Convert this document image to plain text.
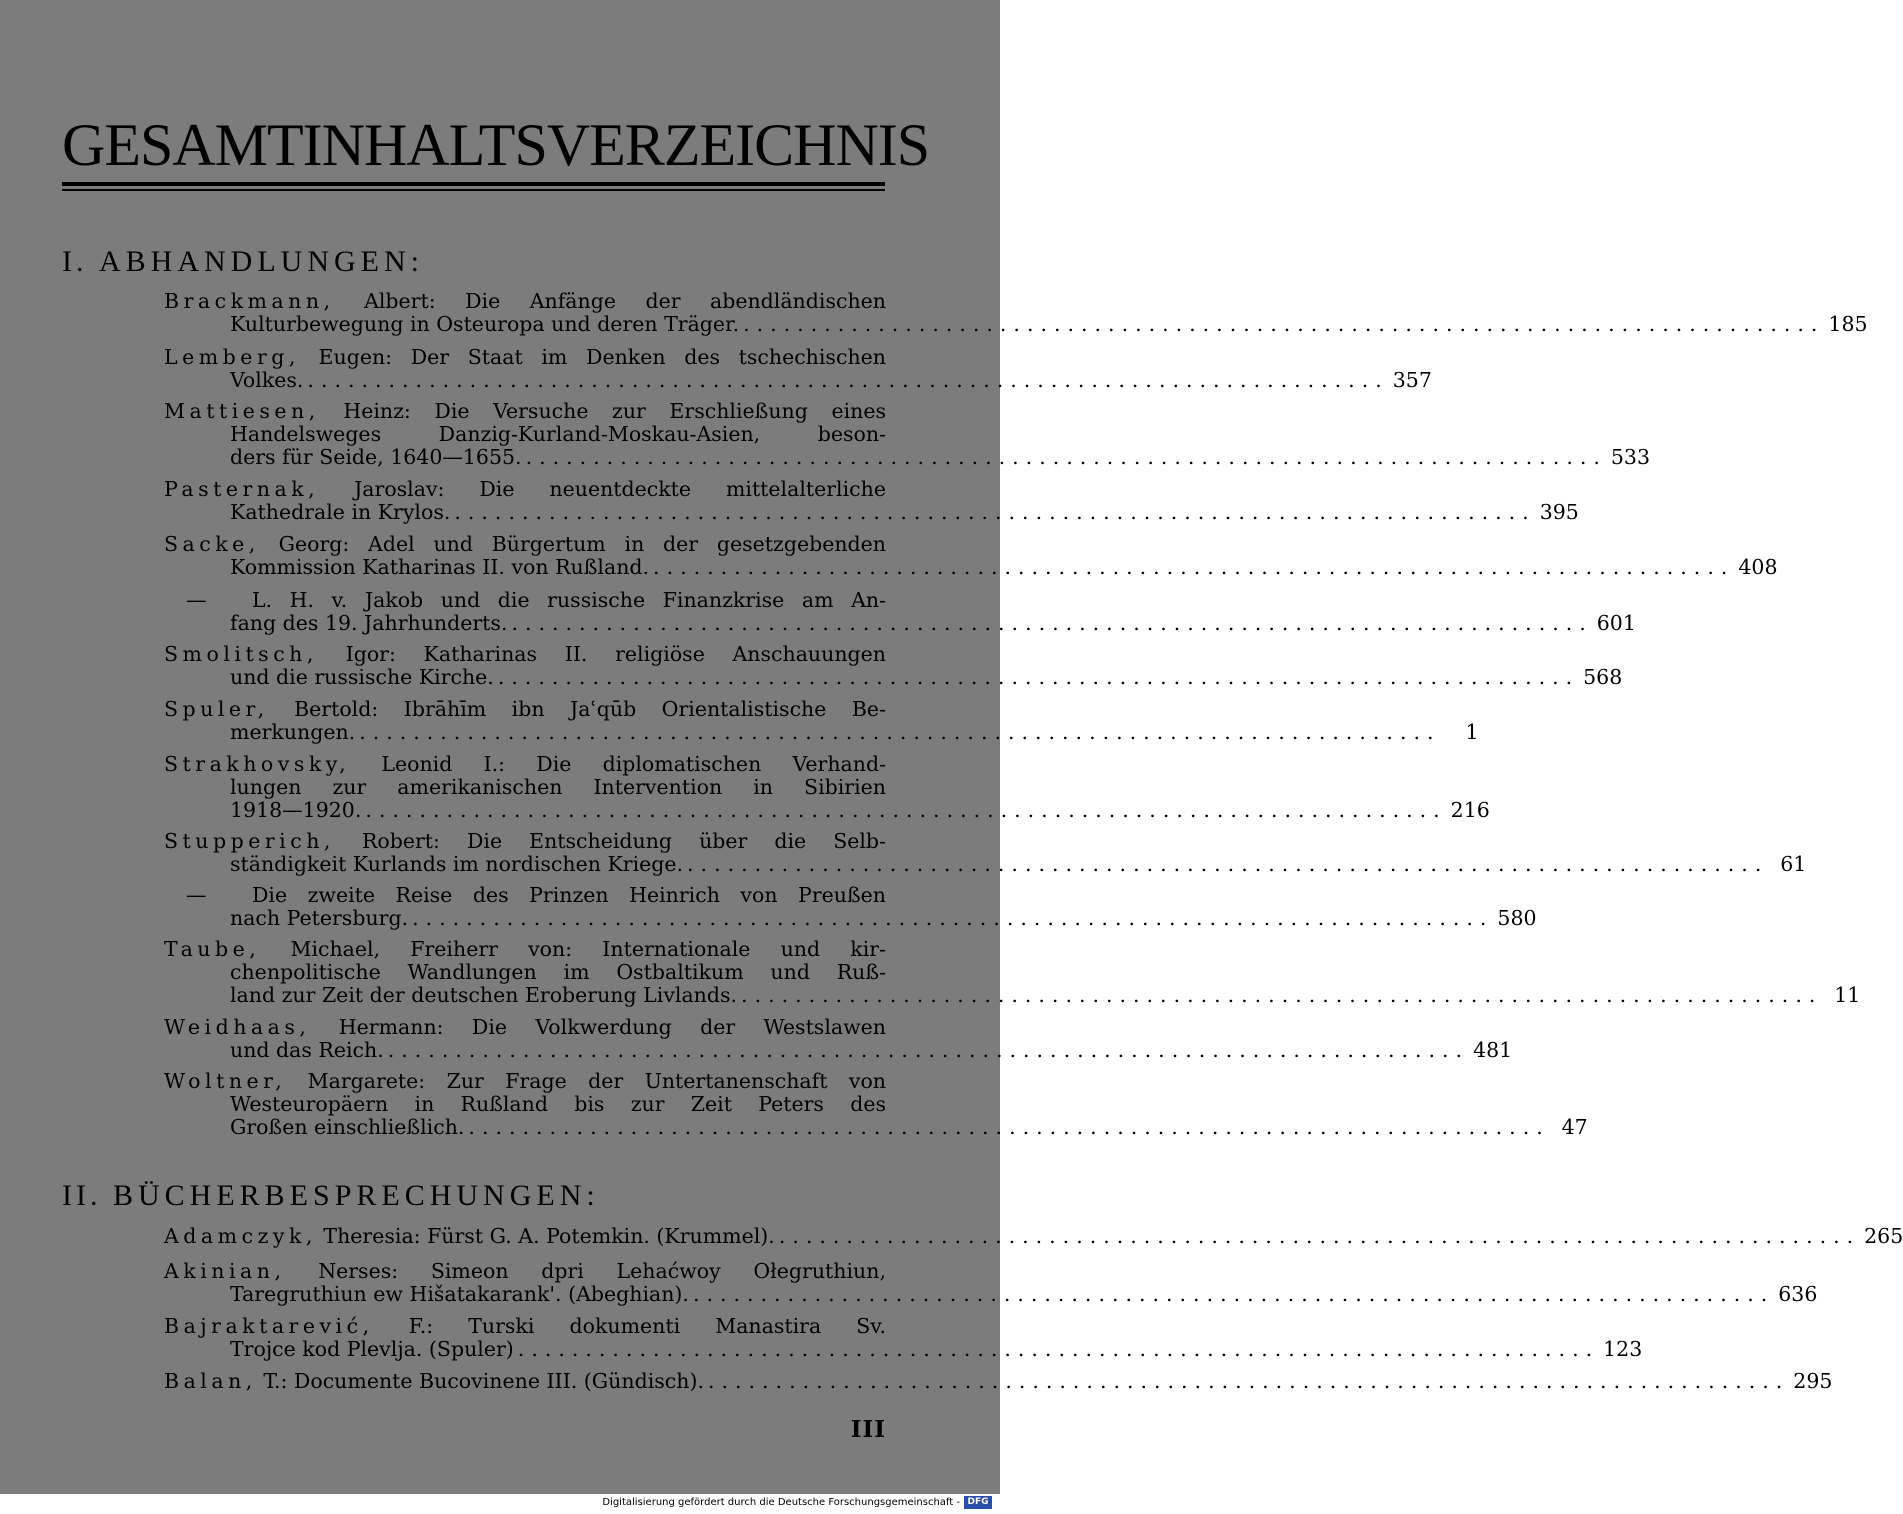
GESAMTINHALTSVERZEICHNIS
I. ABHANDLUNGEN:
Brackmann, Albert: Die Anfänge der abendländischen
Kulturbewegung in Osteuropa und deren Träger. ................................................................................ 185
Lemberg, Eugen: Der Staat im Denken des tschechischen
Volkes. ................................................................................ 357
Mattiesen, Heinz: Die Versuche zur Erschließung eines
Handelsweges Danzig-Kurland-Moskau-Asien, beson-
ders für Seide, 1640—1655. ................................................................................ 533
Pasternak, Jaroslav: Die neuentdeckte mittelalterliche
Kathedrale in Krylos. ................................................................................ 395
Sacke, Georg: Adel und Bürgertum in der gesetzgebenden
Kommission Katharinas II. von Rußland. ................................................................................ 408
— L. H. v. Jakob und die russische Finanzkrise am An-
fang des 19. Jahrhunderts. ................................................................................ 601
Smolitsch, Igor: Katharinas II. religiöse Anschauungen
und die russische Kirche. ................................................................................ 568
Spuler, Bertold: Ibrāhīm ibn Jaʿqūb Orientalistische Be-
merkungen. ................................................................................	1
Strakhovsky, Leonid I.: Die diplomatischen Verhand-
lungen zur amerikanischen Intervention in Sibirien
1918—1920. ................................................................................ 216
Stupperich, Robert: Die Entscheidung über die Selb-
ständigkeit Kurlands im nordischen Kriege. ................................................................................ 61
— Die zweite Reise des Prinzen Heinrich von Preußen
nach Petersburg. ................................................................................ 580
Taube, Michael, Freiherr von: Internationale und kir-
chenpolitische Wandlungen im Ostbaltikum und Ruß-
land zur Zeit der deutschen Eroberung Livlands. ................................................................................ 11
Weidhaas, Hermann: Die Volkwerdung der Westslawen
und das Reich. ................................................................................ 481
Woltner, Margarete: Zur Frage der Untertanenschaft von
Westeuropäern in Rußland bis zur Zeit Peters des
Großen einschließlich. ................................................................................ 47
II. BÜCHERBESPRECHUNGEN:
Adamczyk, Theresia: Fürst G. A. Potemkin. (Krummel). ................................................................................ 265
Akinian, Nerses: Simeon dpri Lehaćwoy Ołegruthiun,
Taregruthiun ew Hišatakarank'. (Abeghian). ................................................................................ 636
Bajraktarević, F.: Turski dokumenti Manastira Sv.
Trojce kod Plevlja. (Spuler) ................................................................................ 123
Balan, T.: Documente Bucovinene III. (Gündisch). ................................................................................ 295
III
Digitalisierung gefördert durch die Deutsche Forschungsgemeinschaft - DFG
